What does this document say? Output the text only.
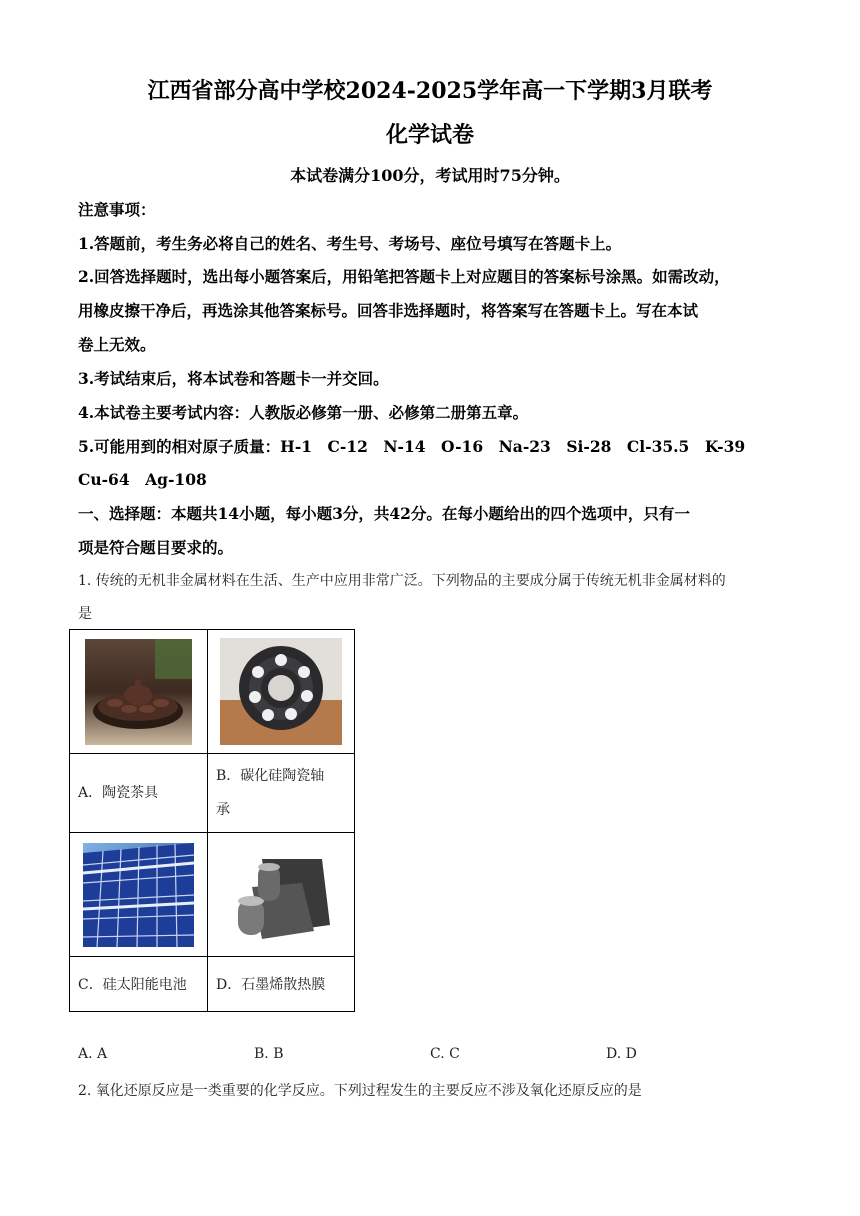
江西省部分高中学校2024-2025学年高一下学期3月联考
化学试卷
本试卷满分100分，考试用时75分钟。
注意事项：
1.答题前，考生务必将自己的姓名、考生号、考场号、座位号填写在答题卡上。
2.回答选择题时，选出每小题答案后，用铅笔把答题卡上对应题目的答案标号涂黑。如需改动，
用橡皮擦干净后，再选涂其他答案标号。回答非选择题时，将答案写在答题卡上。写在本试
卷上无效。
3.考试结束后，将本试卷和答题卡一并交回。
4.本试卷主要考试内容：人教版必修第一册、必修第二册第五章。
5.可能用到的相对原子质量：H-1　C-12　N-14　O-16　Na-23　Si-28　Cl-35.5　K-39
Cu-64　Ag-108
一、选择题：本题共14小题，每小题3分，共42分。在每小题给出的四个选项中，只有一
项是符合题目要求的。
1. 传统的无机非金属材料在生活、生产中应用非常广泛。下列物品的主要成分属于传统无机非金属材料的
是

A．陶瓷茶具	B．碳化硅陶瓷轴
承

C．硅太阳能电池	D．石墨烯散热膜
A. A	B. B	C. C	D. D
2. 氧化还原反应是一类重要的化学反应。下列过程发生的主要反应不涉及氧化还原反应的是
